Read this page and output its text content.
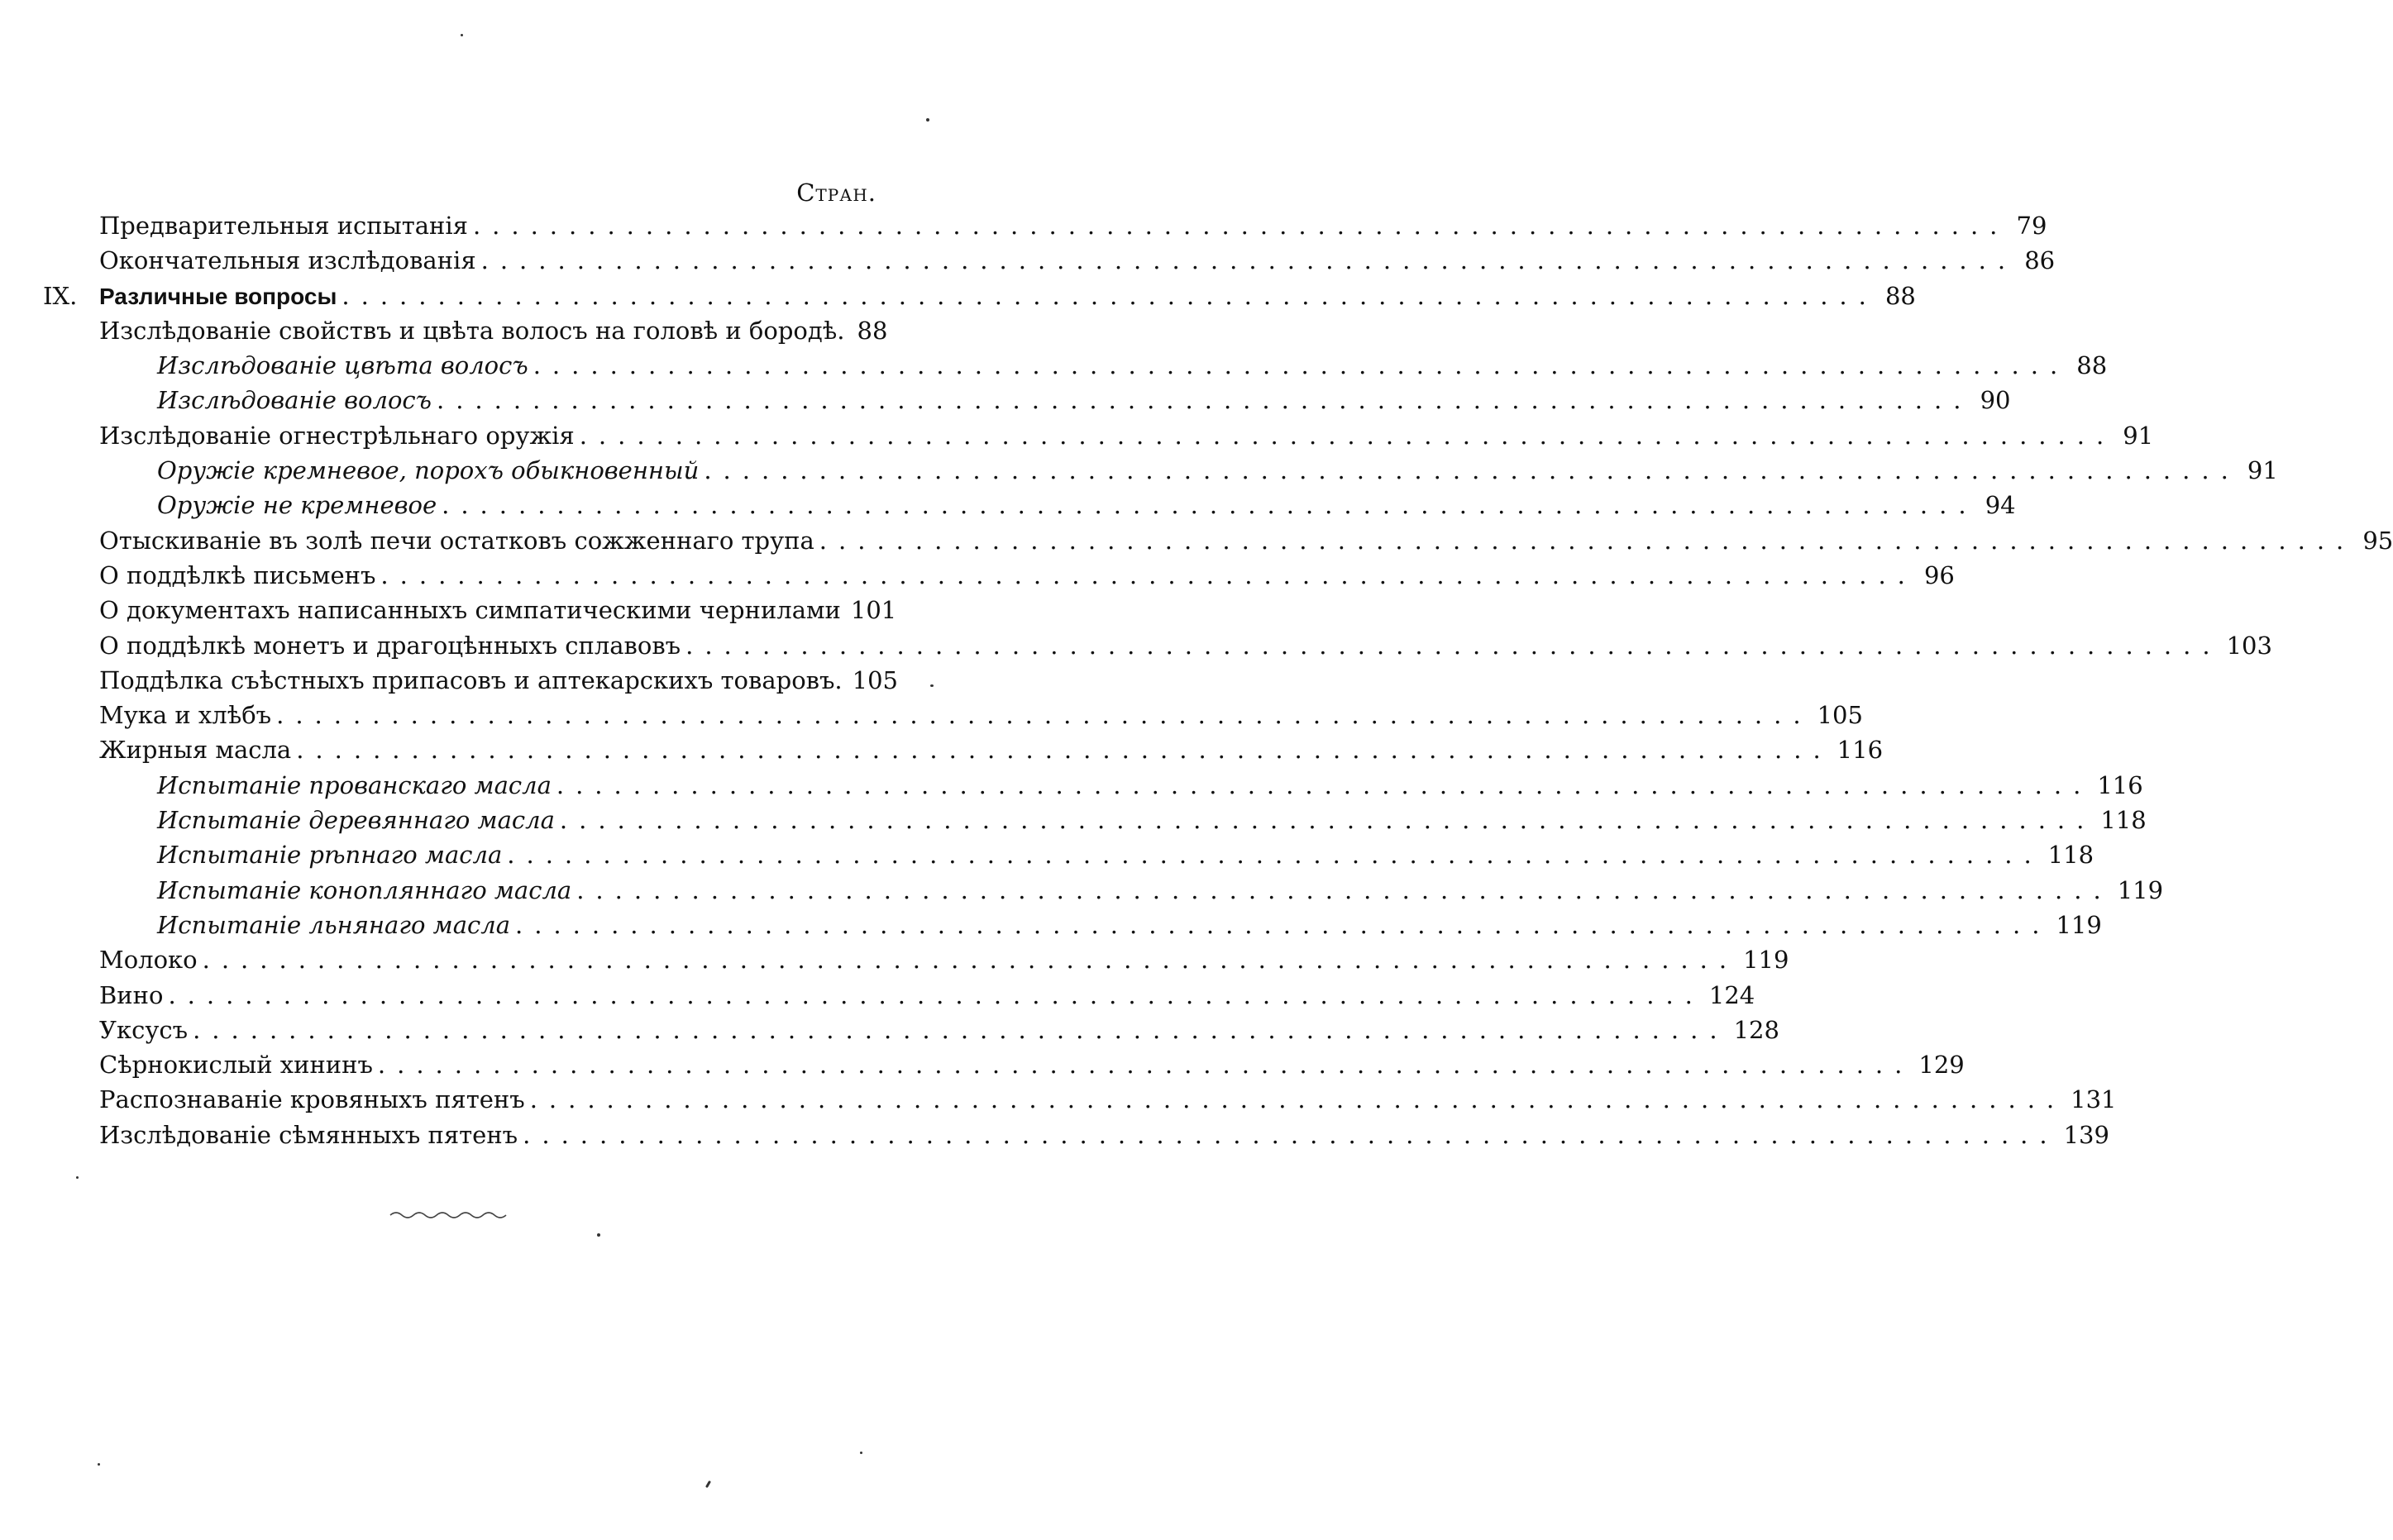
Стран.
Предварительныя испытанія ................................................................................ 79
Окончательныя изслѣдованія ................................................................................ 86
IX. Различные вопросы ................................................................................ 88
Изслѣдованіе свойствъ и цвѣта волосъ на головѣ и бородѣ. 88
Изслѣдованіе цвѣта волосъ ................................................................................ 88
Изслѣдованіе волосъ ................................................................................ 90
Изслѣдованіе огнестрѣльнаго оружія ................................................................................ 91
Оружіе кремневое, порохъ обыкновенный ................................................................................ 91
Оружіе не кремневое ................................................................................ 94
Отыскиваніе въ золѣ печи остатковъ сожженнаго трупа ................................................................................ 95
О поддѣлкѣ письменъ ................................................................................ 96
О документахъ написанныхъ симпатическими чернилами 101
О поддѣлкѣ монетъ и драгоцѣнныхъ сплавовъ ................................................................................ 103
Поддѣлка съѣстныхъ припасовъ и аптекарскихъ товаровъ. 105
Мука и хлѣбъ ................................................................................ 105
Жирныя масла ................................................................................ 116
Испытаніе прованскаго масла ................................................................................ 116
Испытаніе деревяннаго масла ................................................................................ 118
Испытаніе рѣпнаго масла ................................................................................ 118
Испытаніе конопляннаго масла ................................................................................ 119
Испытаніе льнянаго масла ................................................................................ 119
Молоко ................................................................................ 119
Вино ................................................................................ 124
Уксусъ ................................................................................ 128
Сѣрнокислый хининъ ................................................................................ 129
Распознаваніе кровяныхъ пятенъ ................................................................................ 131
Изслѣдованіе сѣмянныхъ пятенъ ................................................................................ 139
